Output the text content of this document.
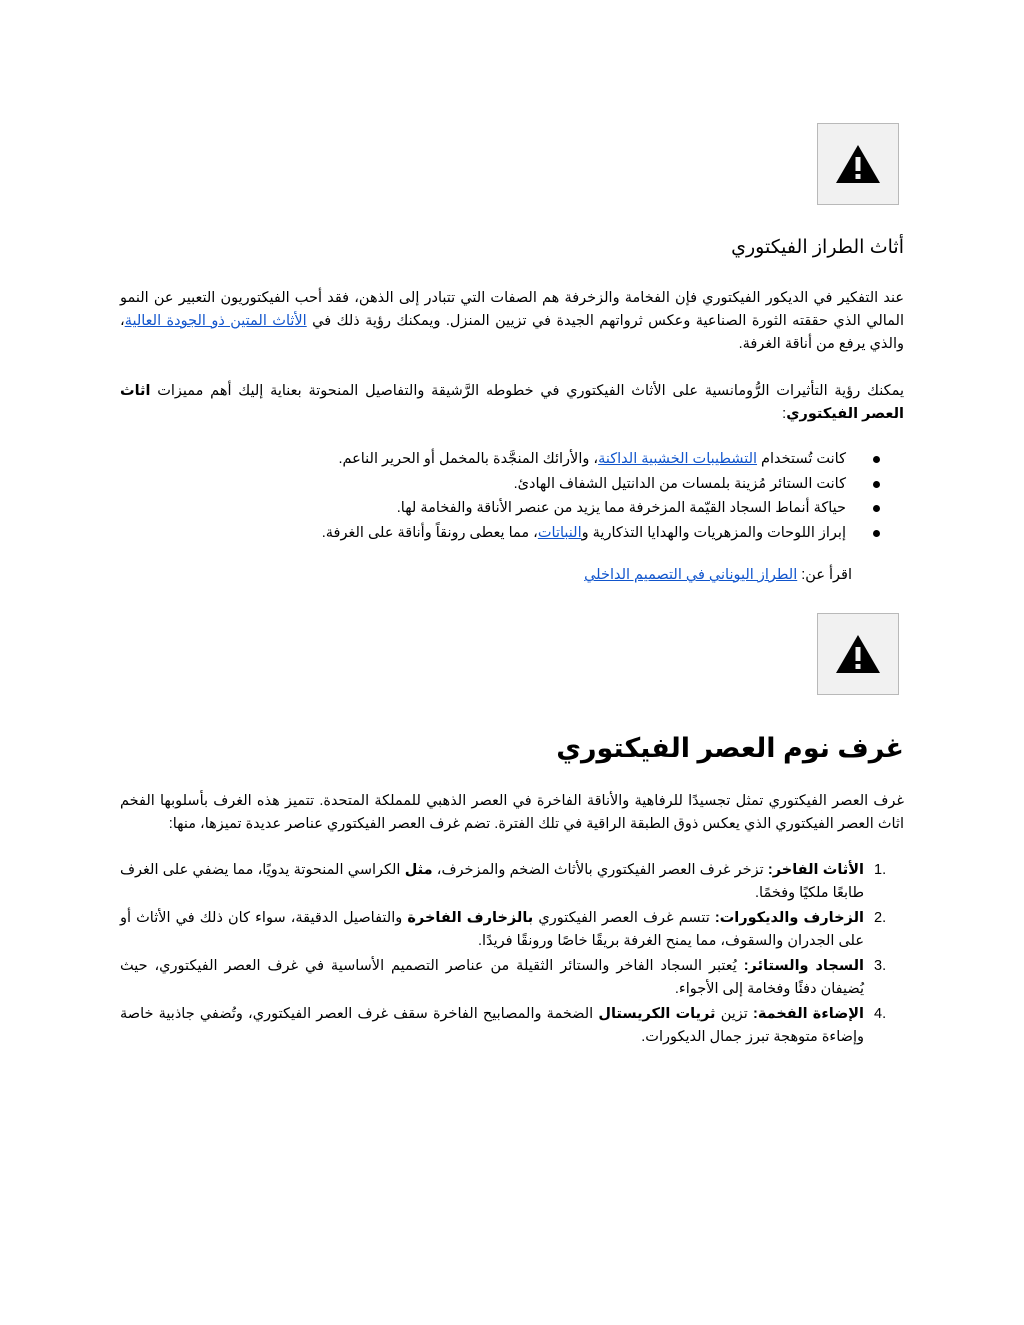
أثاث الطراز الفيكتوري

عند التفكير في الديكور الفيكتوري فإن الفخامة والزخرفة هم الصفات التي تتبادر إلى الذهن، فقد أحب الفيكتوريون التعبير عن النمو المالي الذي حققته الثورة الصناعية وعكس ثرواتهم الجيدة في تزيين المنزل. ويمكنك رؤية ذلك في الأثاث المتين ذو الجودة العالية، والذي يرفع من أناقة الغرفة.

يمكنك رؤية التأثيرات الرُّومانسية على الأثاث الفيكتوري في خطوطه الرَّشيقة والتفاصيل المنحوتة بعناية إليك أهم مميزات اثاث العصر الفيكتوري:

كانت تُستخدام التشطيبات الخشبية الداكنة، والأرائك المنجَّدة بالمخمل أو الحرير الناعم.
كانت الستائر مُزينة بلمسات من الدانتيل الشفاف الهادئ.
حياكة أنماط السجاد القيّمة المزخرفة مما يزيد من عنصر الأناقة والفخامة لها.
إبراز اللوحات والمزهريات والهدايا التذكارية والنباتات، مما يعطى رونقاً وأناقة على الغرفة.
اقرأ عن: الطراز اليوناني في التصميم الداخلي
غرف نوم العصر الفيكتوري

غرف العصر الفيكتوري تمثل تجسيدًا للرفاهية والأناقة الفاخرة في العصر الذهبي للمملكة المتحدة. تتميز هذه الغرف بأسلوبها الفخم اثاث العصر الفيكتوري الذي يعكس ذوق الطبقة الراقية في تلك الفترة. تضم غرف العصر الفيكتوري عناصر عديدة تميزها، منها:

1.
الأثاث الفاخر: تزخر غرف العصر الفيكتوري بالأثاث الضخم والمزخرف، مثل الكراسي المنحوتة يدويًا، مما يضفي على الغرف طابعًا ملكيًا وفخمًا.
2.
الزخارف والديكورات: تتسم غرف العصر الفيكتوري بالزخارف الفاخرة والتفاصيل الدقيقة، سواء كان ذلك في الأثاث أو على الجدران والسقوف، مما يمنح الغرفة بريقًا خاصًا ورونقًا فريدًا.
3.
السجاد والستائر: يُعتبر السجاد الفاخر والستائر الثقيلة من عناصر التصميم الأساسية في غرف العصر الفيكتوري، حيث يُضيفان دفئًا وفخامة إلى الأجواء.
4.
الإضاءة الفخمة: تزين ثريات الكريستال الضخمة والمصابيح الفاخرة سقف غرف العصر الفيكتوري، وتُضفي جاذبية خاصة وإضاءة متوهجة تبرز جمال الديكورات.
